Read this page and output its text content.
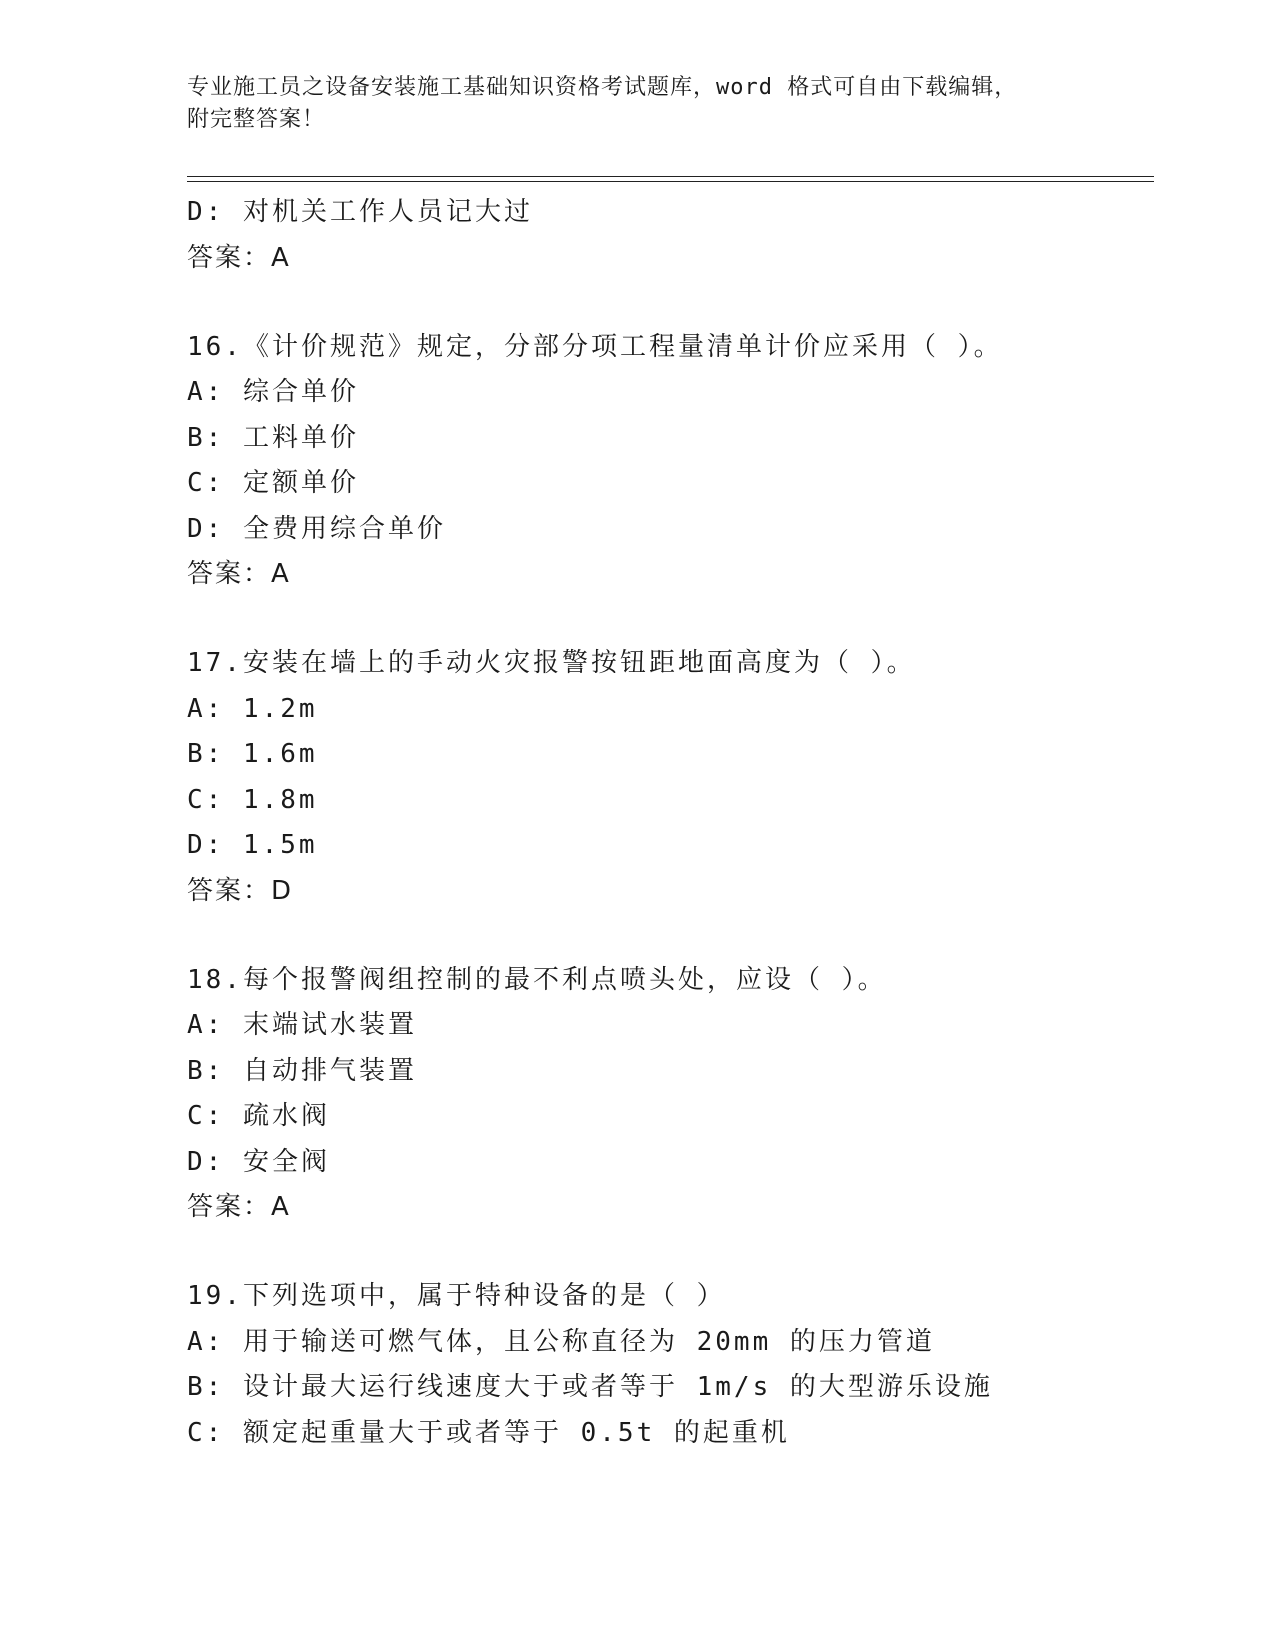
专业施工员之设备安装施工基础知识资格考试题库，word 格式可自由下载编辑，
附完整答案！
D: 对机关工作人员记大过
答案：A
16.《计价规范》规定，分部分项工程量清单计价应采用（ ）。
A: 综合单价
B: 工料单价
C: 定额单价
D: 全费用综合单价
答案：A
17.安装在墙上的手动火灾报警按钮距地面高度为（ ）。
A: 1.2m
B: 1.6m
C: 1.8m
D: 1.5m
答案：D
18.每个报警阀组控制的最不利点喷头处，应设（ ）。
A: 末端试水装置
B: 自动排气装置
C: 疏水阀
D: 安全阀
答案：A
19.下列选项中，属于特种设备的是（ ）
A: 用于输送可燃气体，且公称直径为 20mm 的压力管道
B: 设计最大运行线速度大于或者等于 1m/s 的大型游乐设施
C: 额定起重量大于或者等于 0.5t 的起重机
